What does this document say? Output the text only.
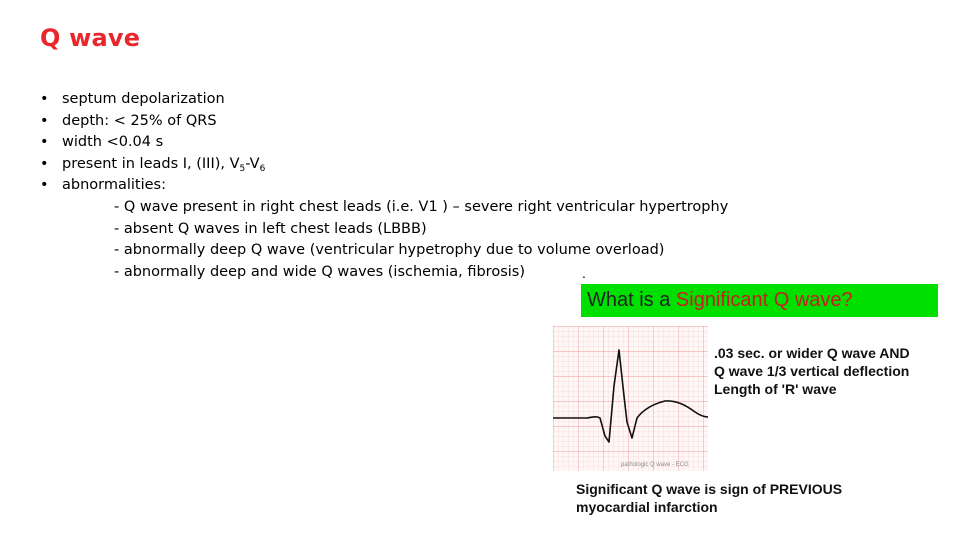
Q wave
• septum depolarization
• depth: < 25% of QRS
• width <0.04 s
• present in leads I, (III), $V_5-V_6$
• abnormalities:
- Q wave present in right chest leads (i.e. V1 ) – severe right ventricular hypertrophy
- absent Q waves in left chest leads (LBBB)
- abnormally deep Q wave (ventricular hypetrophy due to volume overload)
- abnormally deep and wide Q waves (ischemia, fibrosis)	.
What is a Significant Q wave?
pathologic Q wave - ECG
.03 sec. or wider Q wave AND
Q wave 1/3 vertical deflection
Length of 'R' wave
Significant Q wave is sign of PREVIOUS
myocardial infarction
